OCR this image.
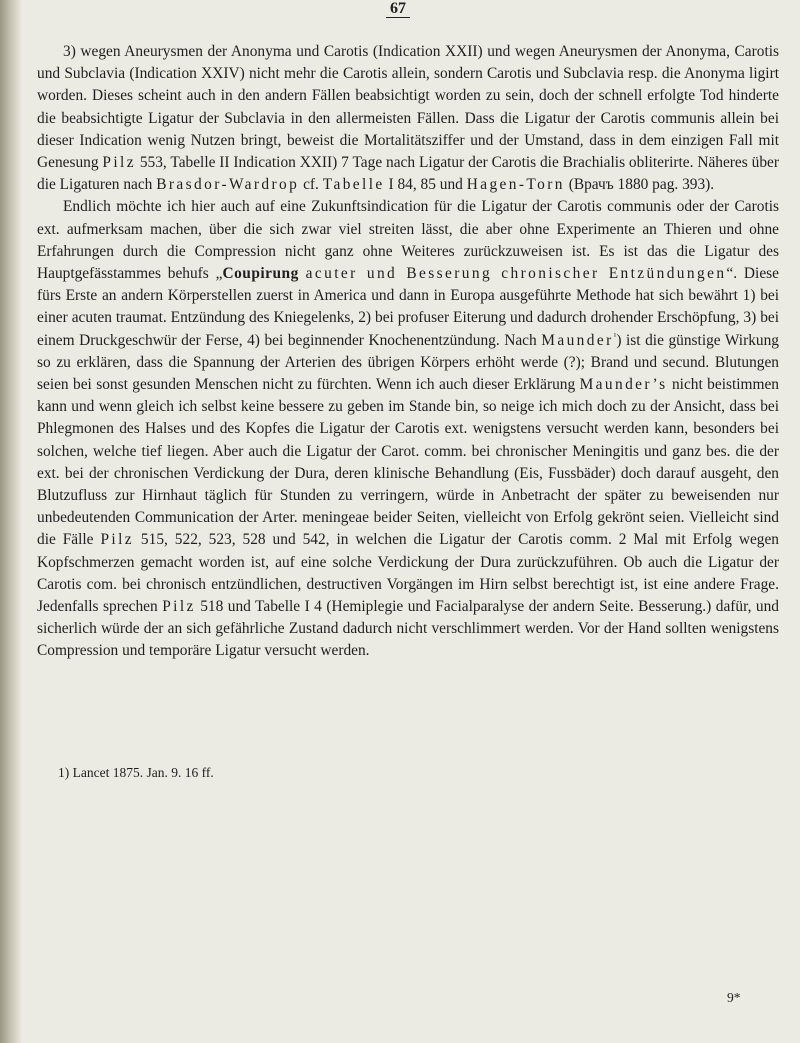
67

3) wegen Aneurysmen der Anonyma und Carotis (Indication XXII) und wegen Aneurysmen der Anonyma, Carotis und Subclavia (Indication XXIV) nicht mehr die Carotis allein, sondern Carotis und Subclavia resp. die Anonyma ligirt worden. Dieses scheint auch in den andern Fällen beabsichtigt worden zu sein, doch der schnell erfolgte Tod hinderte die beabsichtigte Ligatur der Subclavia in den allermeisten Fällen. Dass die Ligatur der Carotis communis allein bei dieser Indication wenig Nutzen bringt, beweist die Mortalitätsziffer und der Umstand, dass in dem einzigen Fall mit Genesung Pilz 553, Tabelle II Indication XXII) 7 Tage nach Ligatur der Carotis die Brachialis obliterirte. Näheres über die Ligaturen nach Brasdor-Wardrop cf. Tabelle I 84, 85 und Hagen-Torn (Врачъ 1880 pag. 393).

Endlich möchte ich hier auch auf eine Zukunftsindication für die Ligatur der Carotis communis oder der Carotis ext. aufmerksam machen, über die sich zwar viel streiten lässt, die aber ohne Experimente an Thieren und ohne Erfahrungen durch die Compression nicht ganz ohne Weiteres zurückzuweisen ist. Es ist das die Ligatur des Hauptgefässtammes behufs „Coupirung acuter und Besserung chronischer Entzündungen“. Diese fürs Erste an andern Körperstellen zuerst in America und dann in Europa ausgeführte Methode hat sich bewährt 1) bei einer acuten traumat. Entzündung des Kniegelenks, 2) bei profuser Eiterung und dadurch drohender Erschöpfung, 3) bei einem Druckgeschwür der Ferse, 4) bei beginnender Knochenentzündung. Nach Maunder$^{^1}$) ist die günstige Wirkung so zu erklären, dass die Spannung der Arterien des übrigen Körpers erhöht werde (?); Brand und secund. Blutungen seien bei sonst gesunden Menschen nicht zu fürchten. Wenn ich auch dieser Erklärung Maunder’s nicht beistimmen kann und wenn gleich ich selbst keine bessere zu geben im Stande bin, so neige ich mich doch zu der Ansicht, dass bei Phlegmonen des Halses und des Kopfes die Ligatur der Carotis ext. wenigstens versucht werden kann, besonders bei solchen, welche tief liegen. Aber auch die Ligatur der Carot. comm. bei chronischer Meningitis und ganz bes. die der ext. bei der chronischen Verdickung der Dura, deren klinische Behandlung (Eis, Fussbäder) doch darauf ausgeht, den Blutzufluss zur Hirnhaut täglich für Stunden zu verringern, würde in Anbetracht der später zu beweisenden nur unbedeutenden Communication der Arter. meningeae beider Seiten, vielleicht von Erfolg gekrönt seien. Vielleicht sind die Fälle Pilz 515, 522, 523, 528 und 542, in welchen die Ligatur der Carotis comm. 2 Mal mit Erfolg wegen Kopfschmerzen gemacht worden ist, auf eine solche Verdickung der Dura zurückzuführen. Ob auch die Ligatur der Carotis com. bei chronisch entzündlichen, destructiven Vorgängen im Hirn selbst berechtigt ist, ist eine andere Frage. Jedenfalls sprechen Pilz 518 und Tabelle I 4 (Hemiplegie und Facialparalyse der andern Seite. Besserung.) dafür, und sicherlich würde der an sich gefährliche Zustand dadurch nicht verschlimmert werden. Vor der Hand sollten wenigstens Compression und temporäre Ligatur versucht werden.

1) Lancet 1875. Jan. 9. 16 ff.
9*
